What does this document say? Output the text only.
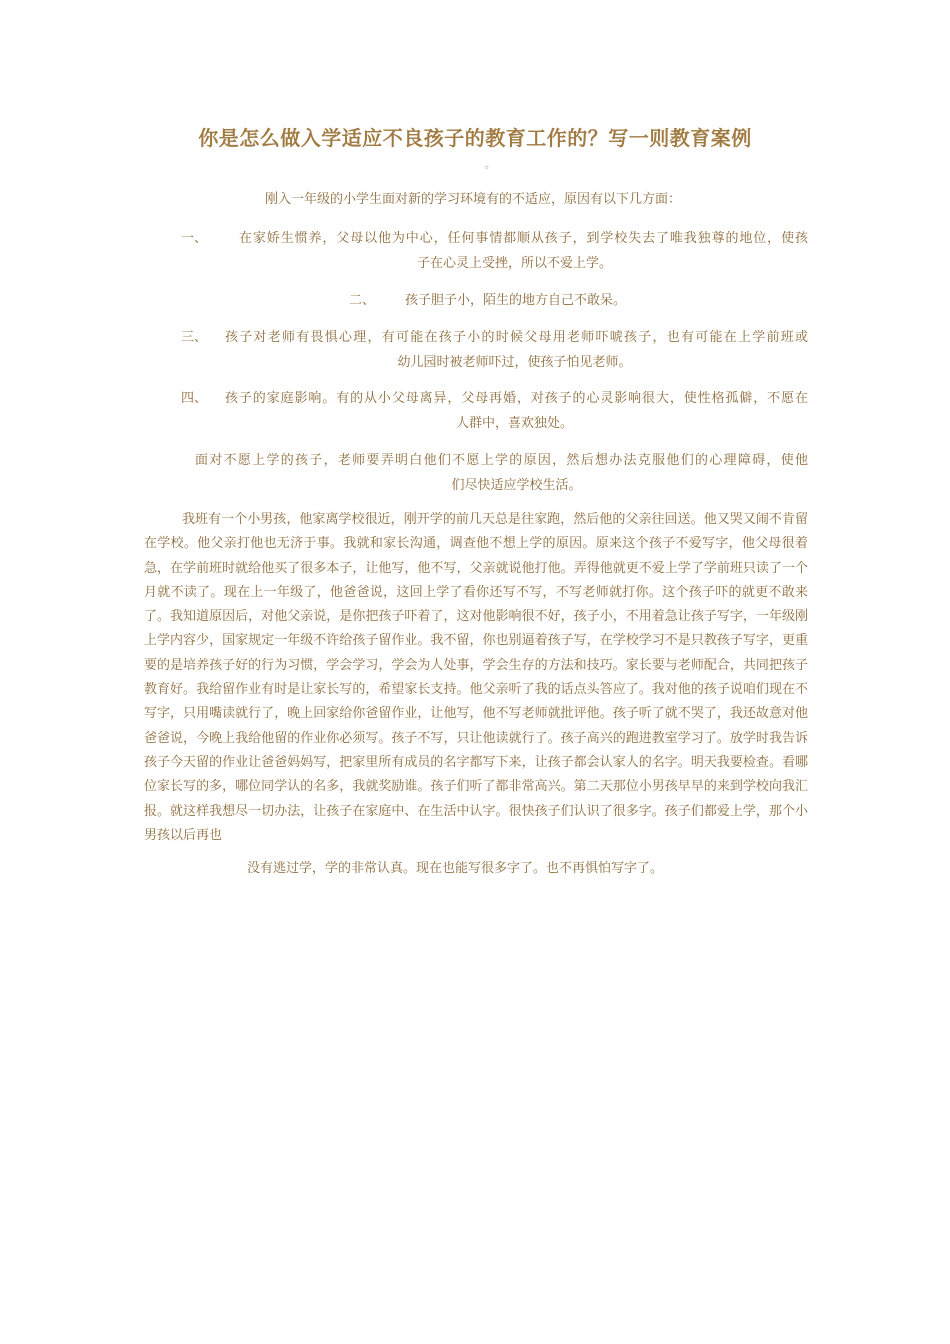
你是怎么做入学适应不良孩子的教育工作的？写一则教育案例
。
刚入一年级的小学生面对新的学习环境有的不适应，原因有以下几方面：
一、	在家娇生惯养，父母以他为中心，任何事情都顺从孩子，到学校失去了唯我独尊的地位，使孩
子在心灵上受挫，所以不爱上学。
二、 孩子胆子小，陌生的地方自己不敢呆。
三、	孩子对老师有畏惧心理，有可能在孩子小的时候父母用老师吓唬孩子，也有可能在上学前班或
幼儿园时被老师吓过，使孩子怕见老师。
四、	孩子的家庭影响。有的从小父母离异，父母再婚，对孩子的心灵影响很大，使性格孤僻，不愿在
人群中，喜欢独处。
面对不愿上学的孩子，老师要弄明白他们不愿上学的原因，然后想办法克服他们的心理障碍，使他
们尽快适应学校生活。
我班有一个小男孩，他家离学校很近，刚开学的前几天总是往家跑，然后他的父亲往回送。他又哭又闹不肯留在学校。他父亲打他也无济于事。我就和家长沟通，调查他不想上学的原因。原来这个孩子不爱写字，他父母很着急，在学前班时就给他买了很多本子，让他写，他不写，父亲就说他打他。弄得他就更不爱上学了学前班只读了一个月就不读了。现在上一年级了，他爸爸说，这回上学了看你还写不写，不写老师就打你。这个孩子吓的就更不敢来了。我知道原因后，对他父亲说，是你把孩子吓着了，这对他影响很不好，孩子小，不用着急让孩子写字，一年级刚上学内容少，国家规定一年级不许给孩子留作业。我不留，你也别逼着孩子写，在学校学习不是只教孩子写字，更重要的是培养孩子好的行为习惯，学会学习，学会为人处事，学会生存的方法和技巧。家长要与老师配合，共同把孩子教育好。我给留作业有时是让家长写的，希望家长支持。他父亲听了我的话点头答应了。我对他的孩子说咱们现在不写字，只用嘴读就行了，晚上回家给你爸留作业，让他写，他不写老师就批评他。孩子听了就不哭了，我还故意对他爸爸说，今晚上我给他留的作业你必须写。孩子不写，只让他读就行了。孩子高兴的跑进教室学习了。放学时我告诉孩子今天留的作业让爸爸妈妈写，把家里所有成员的名字都写下来，让孩子都会认家人的名字。明天我要检查。看哪位家长写的多，哪位同学认的名多，我就奖励谁。孩子们听了都非常高兴。第二天那位小男孩早早的来到学校向我汇报。就这样我想尽一切办法，让孩子在家庭中、在生活中认字。很快孩子们认识了很多字。孩子们都爱上学，那个小男孩以后再也
没有逃过学，学的非常认真。现在也能写很多字了。也不再惧怕写字了。
